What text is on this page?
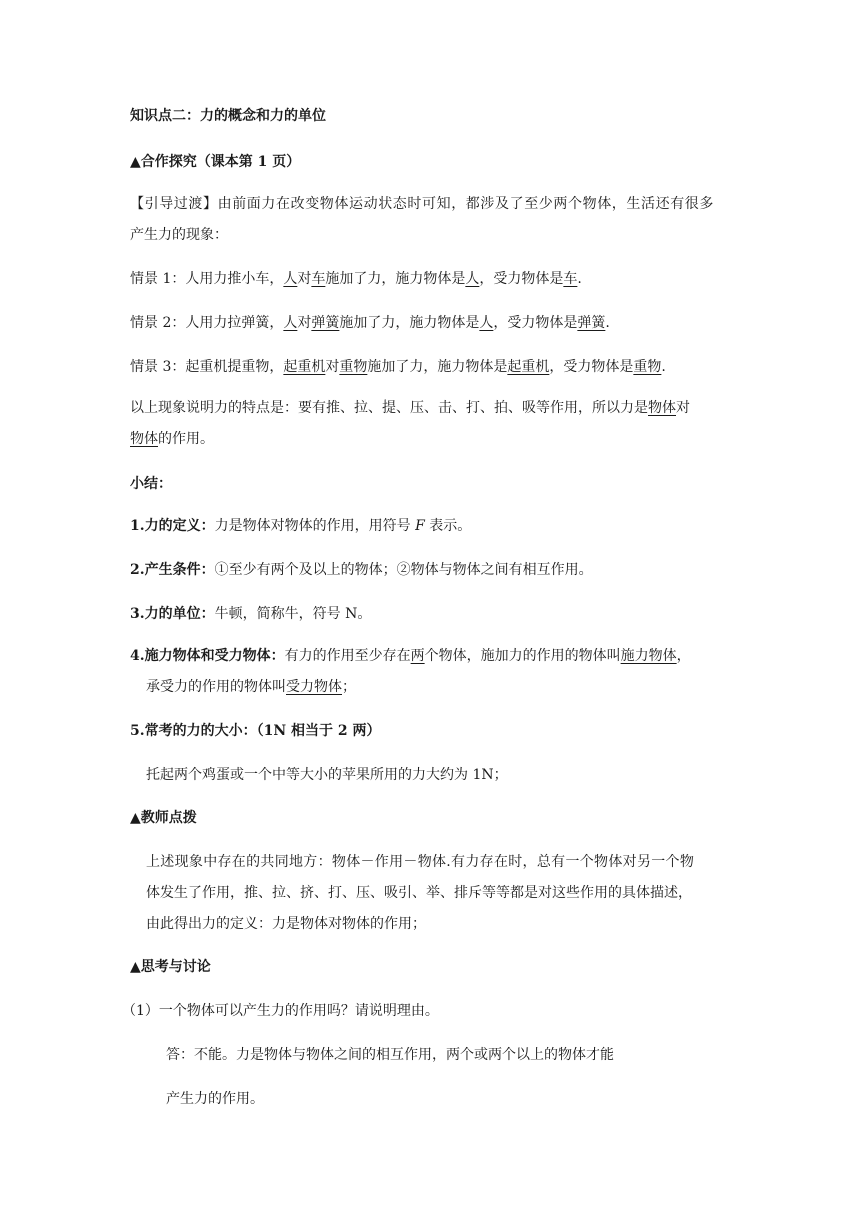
知识点二：力的概念和力的单位
▲合作探究（课本第 1 页）
【引导过渡】由前面力在改变物体运动状态时可知，都涉及了至少两个物体，生活还有很多
产生力的现象：
情景 1：人用力推小车，人对车施加了力，施力物体是人，受力物体是车.
情景 2：人用力拉弹簧，人对弹簧施加了力，施力物体是人，受力物体是弹簧.
情景 3：起重机提重物，起重机对重物施加了力，施力物体是起重机，受力物体是重物.
以上现象说明力的特点是：要有推、拉、提、压、击、打、拍、吸等作用，所以力是物体对
物体的作用。
小结：
1.力的定义：力是物体对物体的作用，用符号 F 表示。
2.产生条件：①至少有两个及以上的物体；②物体与物体之间有相互作用。
3.力的单位：牛顿，简称牛，符号 N。
4.施力物体和受力物体：有力的作用至少存在两个物体，施加力的作用的物体叫施力物体，
承受力的作用的物体叫受力物体；
5.常考的力的大小：（1N 相当于 2 两）
托起两个鸡蛋或一个中等大小的苹果所用的力大约为 1N；
▲教师点拨
上述现象中存在的共同地方：物体－作用－物体.有力存在时，总有一个物体对另一个物
体发生了作用，推、拉、挤、打、压、吸引、举、排斥等等都是对这些作用的具体描述，
由此得出力的定义：力是物体对物体的作用；
▲思考与讨论
（1）一个物体可以产生力的作用吗？请说明理由。
答：不能。力是物体与物体之间的相互作用，两个或两个以上的物体才能
产生力的作用。
